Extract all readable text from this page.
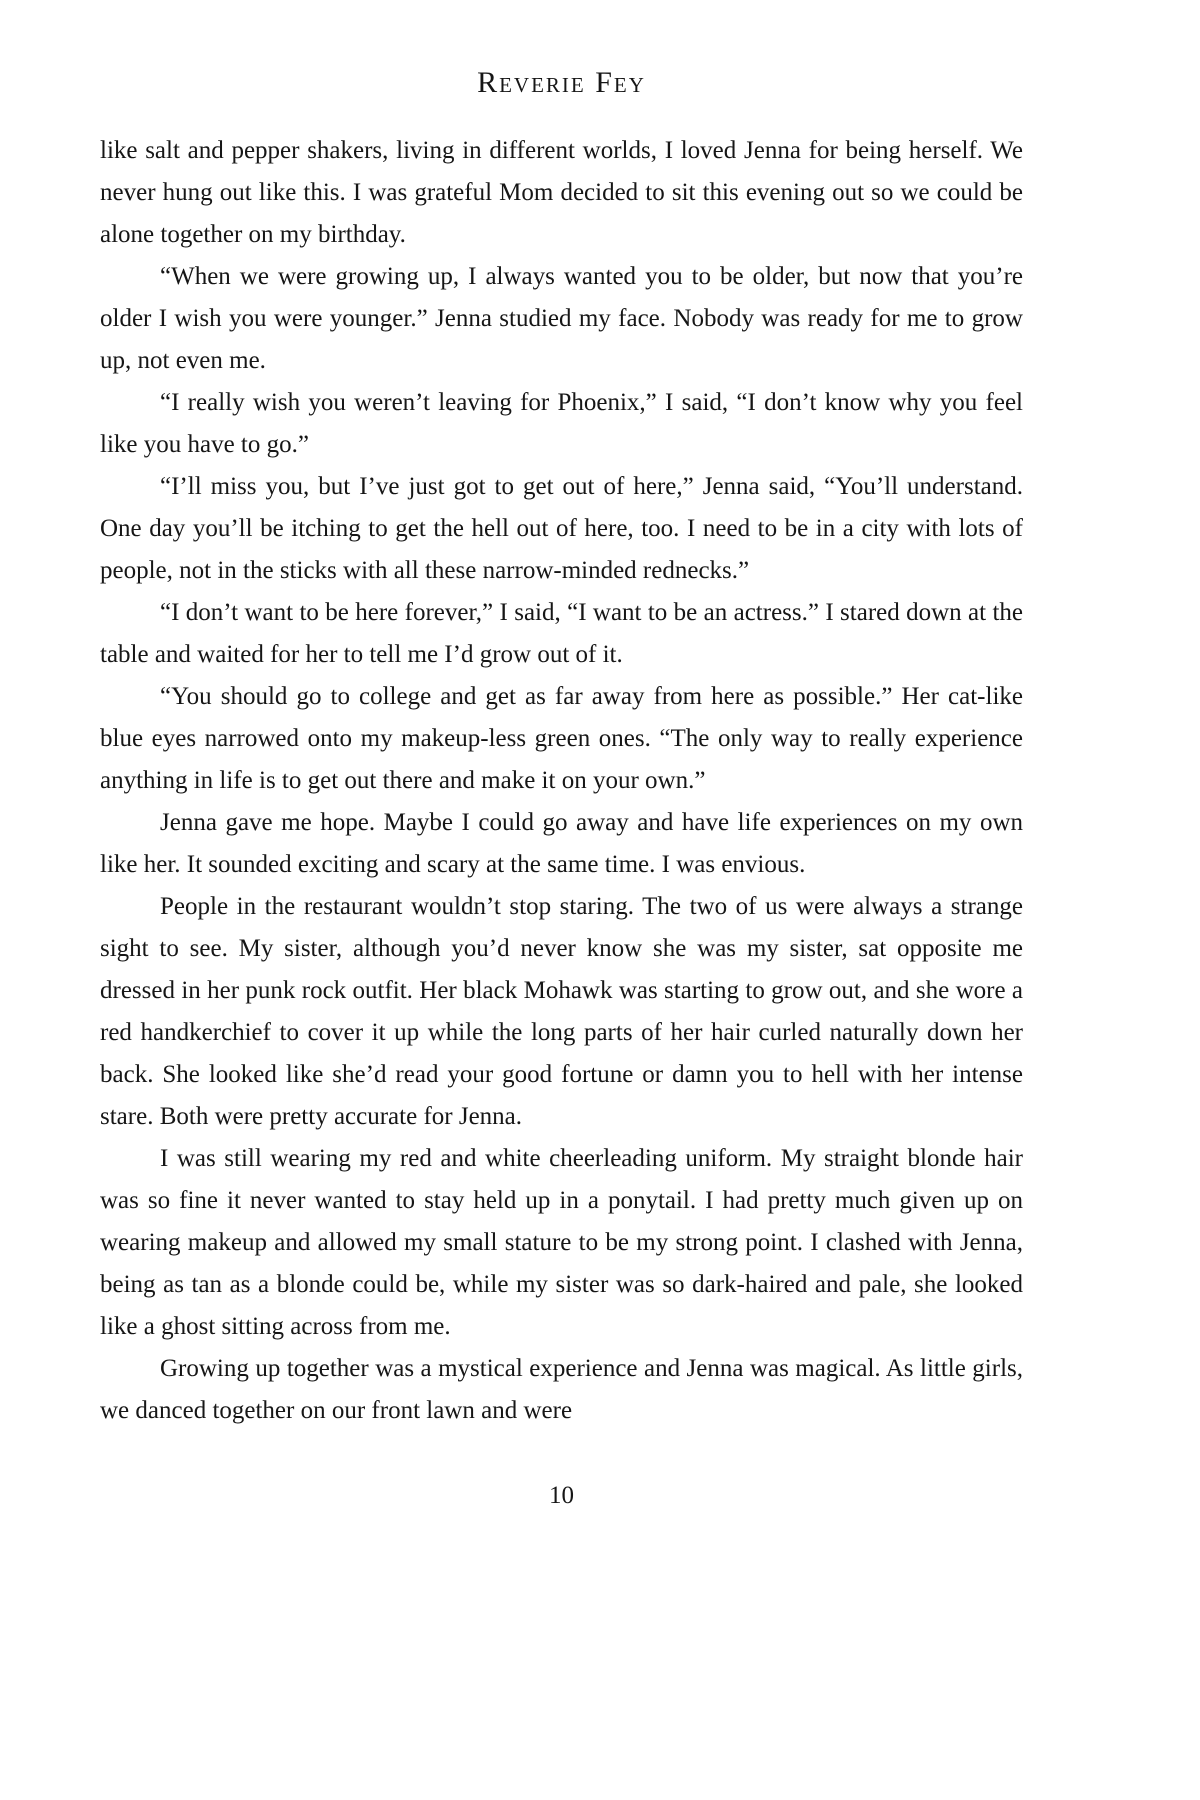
Reverie Fey

like salt and pepper shakers, living in different worlds, I loved Jenna for being herself. We never hung out like this. I was grateful Mom decided to sit this evening out so we could be alone together on my birthday.

“When we were growing up, I always wanted you to be older, but now that you’re older I wish you were younger.” Jenna studied my face. Nobody was ready for me to grow up, not even me.

“I really wish you weren’t leaving for Phoenix,” I said, “I don’t know why you feel like you have to go.”

“I’ll miss you, but I’ve just got to get out of here,” Jenna said, “You’ll understand. One day you’ll be itching to get the hell out of here, too. I need to be in a city with lots of people, not in the sticks with all these narrow-minded rednecks.”

“I don’t want to be here forever,” I said, “I want to be an actress.” I stared down at the table and waited for her to tell me I’d grow out of it.

“You should go to college and get as far away from here as possible.” Her cat-like blue eyes narrowed onto my makeup-less green ones. “The only way to really experience anything in life is to get out there and make it on your own.”

Jenna gave me hope. Maybe I could go away and have life experiences on my own like her. It sounded exciting and scary at the same time. I was envious.

People in the restaurant wouldn’t stop staring. The two of us were always a strange sight to see. My sister, although you’d never know she was my sister, sat opposite me dressed in her punk rock outfit. Her black Mohawk was starting to grow out, and she wore a red handkerchief to cover it up while the long parts of her hair curled naturally down her back. She looked like she’d read your good fortune or damn you to hell with her intense stare. Both were pretty accurate for Jenna.

I was still wearing my red and white cheerleading uniform. My straight blonde hair was so fine it never wanted to stay held up in a ponytail. I had pretty much given up on wearing makeup and allowed my small stature to be my strong point. I clashed with Jenna, being as tan as a blonde could be, while my sister was so dark-haired and pale, she looked like a ghost sitting across from me.

Growing up together was a mystical experience and Jenna was magical. As little girls, we danced together on our front lawn and were

10
